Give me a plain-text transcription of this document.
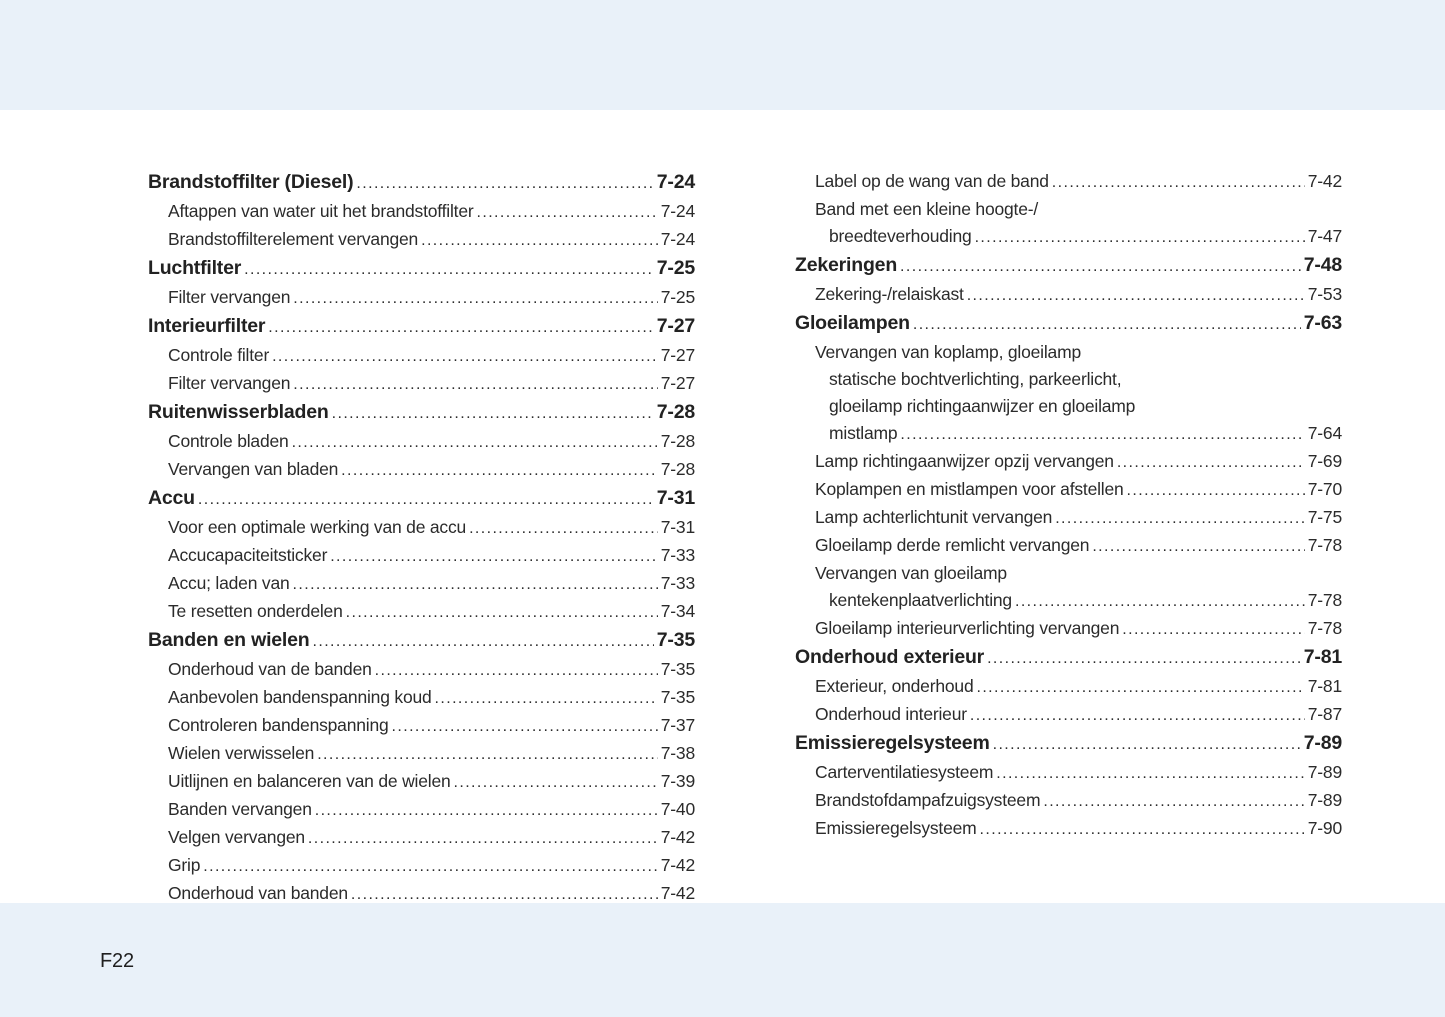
Brandstoffilter (Diesel) .....	7-24
Aftappen van water uit het brandstoffilter .....	7-24
Brandstoffilterelement vervangen .....	7-24
Luchtfilter .....	7-25
Filter vervangen .....	7-25
Interieurfilter .....	7-27
Controle filter .....	7-27
Filter vervangen .....	7-27
Ruitenwisserbladen .....	7-28
Controle bladen .....	7-28
Vervangen van bladen .....	7-28
Accu .....	7-31
Voor een optimale werking van de accu .....	7-31
Accucapaciteitsticker .....	7-33
Accu; laden van .....	7-33
Te resetten onderdelen .....	7-34
Banden en wielen .....	7-35
Onderhoud van de banden .....	7-35
Aanbevolen bandenspanning koud .....	7-35
Controleren bandenspanning .....	7-37
Wielen verwisselen .....	7-38
Uitlijnen en balanceren van de wielen .....	7-39
Banden vervangen .....	7-40
Velgen vervangen .....	7-42
Grip .....	7-42
Onderhoud van banden .....	7-42
Label op de wang van de band .....	7-42
Band met een kleine hoogte-/
breedteverhouding .....	7-47
Zekeringen .....	7-48
Zekering-/relaiskast .....	7-53
Gloeilampen .....	7-63
Vervangen van koplamp, gloeilamp
statische bochtverlichting, parkeerlicht,
gloeilamp richtingaanwijzer en gloeilamp
mistlamp .....	7-64
Lamp richtingaanwijzer opzij vervangen .....	7-69
Koplampen en mistlampen voor afstellen .....	7-70
Lamp achterlichtunit vervangen .....	7-75
Gloeilamp derde remlicht vervangen .....	7-78
Vervangen van gloeilamp
kentekenplaatverlichting .....	7-78
Gloeilamp interieurverlichting vervangen .....	7-78
Onderhoud exterieur .....	7-81
Exterieur, onderhoud .....	7-81
Onderhoud interieur .....	7-87
Emissieregelsysteem .....	7-89
Carterventilatiesysteem .....	7-89
Brandstofdampafzuigsysteem .....	7-89
Emissieregelsysteem .....	7-90
F22
